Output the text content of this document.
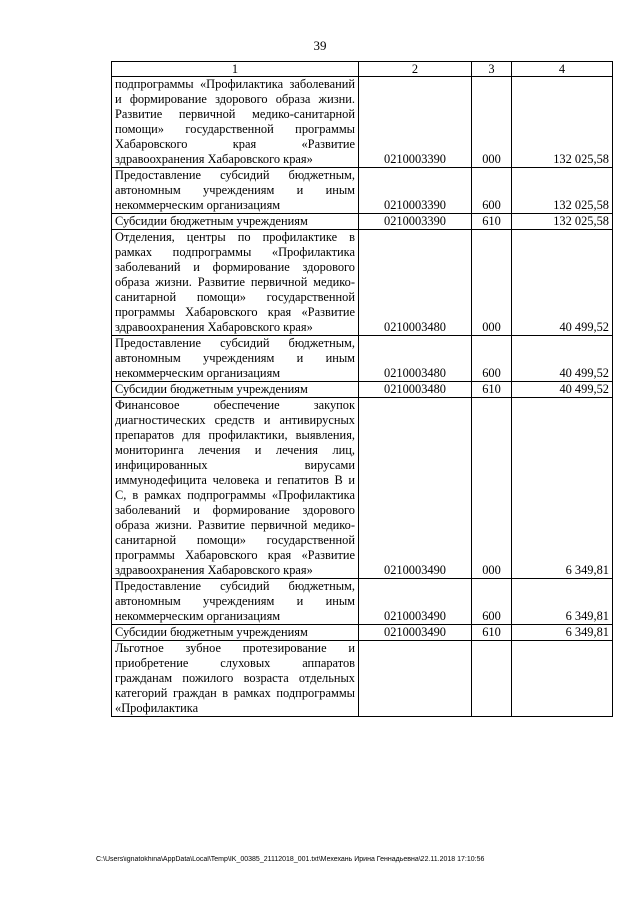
39
1	2	3	4
подпрограммы «Профилактика заболеваний и формирование здорового образа жизни. Развитие первичной медико-санитарной помощи» государственной программы Хабаровского края «Развитие здравоохранения Хабаровского края»	0210003390	000	132 025,58
Предоставление субсидий бюджетным, автономным учреждениям и иным некоммерческим организациям	0210003390	600	132 025,58
Субсидии бюджетным учреждениям	0210003390	610	132 025,58
Отделения, центры по профилактике в рамках подпрограммы «Профилактика заболеваний и формирование здорового образа жизни. Развитие первичной медико-санитарной помощи» государственной программы Хабаровского края «Развитие здравоохранения Хабаровского края»	0210003480	000	40 499,52
Предоставление субсидий бюджетным, автономным учреждениям и иным некоммерческим организациям	0210003480	600	40 499,52
Субсидии бюджетным учреждениям	0210003480	610	40 499,52
Финансовое обеспечение закупок диагностических средств и антивирусных препаратов для профилактики, выявления, мониторинга лечения и лечения лиц, инфицированных вирусами иммунодефицита человека и гепатитов В и С, в рамках подпрограммы «Профилактика заболеваний и формирование здорового образа жизни. Развитие первичной медико-санитарной помощи» государственной программы Хабаровского края «Развитие здравоохранения Хабаровского края»	0210003490	000	6 349,81
Предоставление субсидий бюджетным, автономным учреждениям и иным некоммерческим организациям	0210003490	600	6 349,81
Субсидии бюджетным учреждениям	0210003490	610	6 349,81
Льготное зубное протезирование и приобретение слуховых аппаратов гражданам пожилого возраста отдельных категорий граждан в рамках подпрограммы «Профилактика			
C:\Users\ignatokhina\AppData\Local\Temp\IK_00385_21112018_001.txt\Мехехань Ирина Геннадьевна\22.11.2018 17:10:56
